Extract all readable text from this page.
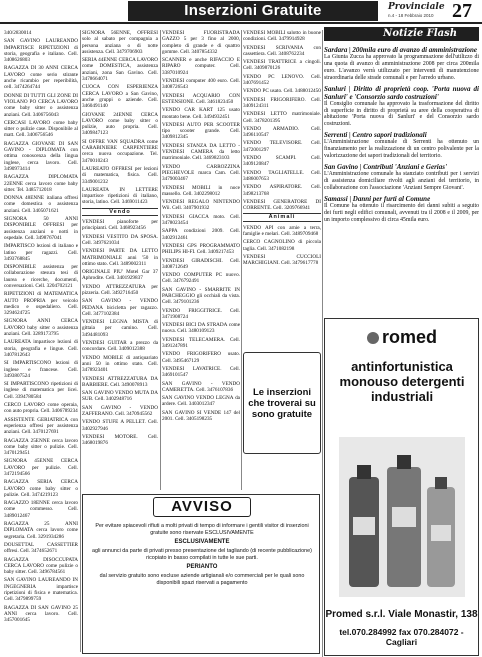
Inserzioni Gratuite	Provinciale
n.4 - 18 Febbraio 2010 27
340/2830014
SAN GAVINO LAUREANDO IMPARTISCE RIPETIZIONI di storia, geografia e italiano. Cell. 3408626803
RAGAZZA DI 30 ANNI CERCA LAVORO come serio stirante anche ricambio per reperibilità, cell. 3474264744
DONNE DI TUTTI GLI ZONE DI VIOLANO PO CERCA LAVORO come baby sitter o assistenza anziani. Cell. 3406756043
CERCASI LAVORO come baby sitter o pulizie case. Disponibile al matt. Cell. 3406756546
RAGAZZA GIOVANE DI SAN GAVINO - DIPLOMATA con ottima conoscenza della lingua inglese, cerca lavoro. Cell. 3490973414
RAGAZZA DIPLOMATA 22ENNE cerca lavoro come baby sitter. Tel. 3485712018
DONNA 48ENNE italiana offresi come domestica o assistenza anziani. Cell. 3405071621
SIGNORA 50 ANNI DISPONIBILE OFFRESI per assistenza anziani o notti in ospedale. Cell. 3498767041
IMPARTISCO lezioni di italiano e latino per ragazzi. Cell. 3493768845
DISPONIBILE assistenza per collaborazione stesura tesi di laurea e ricerche, documenti, conversazioni. Cell. 3204702121
RIPETIZIONI di MATEMATICA AUTO PROPRIA per veicolo medico e ospedaliero. Cell. 3294624725
SIGNORA ANNI CERCA LAVORO baby sitter o assistenza anziani. Cell. 3289173795
LAUREATA impartisce lezioni di storia, geografia e lingue. Cell. 3407812643
SI IMPARTISCONO lezioni di inglese e francese. Cell. 3493807524
SI IMPARTISCONO ripetizioni di inglese di matematica per licei. Cell. 3394780584
CERCO LAVORO come operaia, con auto propria. Cell. 3406789234
ASSISTENTE GERIATRICA con esperienza offresi per assistenza anziani. Cell. 3470127691
RAGAZZA 25ENNE cerca lavoro come baby sitter o pulizie. Cell. 3470129451
SIGNORA 45ENNE CERCA LAVORO per pulizie. Cell. 3472194566
RAGAZZA SERIA CERCA LAVORO come baby sitter o pulizie. Cell. 3474219123
RAGAZZO 18ENNE cerca lavoro come commesso. Cell. 3489012467
RAGAZZA 25 ANNI DIPLOMATA cerca lavoro come segretaria. Cell. 3291934286
DOUSETTAL CASSETTIER offresi. Cell. 3474652671
RAGAZZA DISOCCUPATA CERCA LAVORO come pulizie o baby sitter. Cell. 3496784561
SAN GAVINO LAUREANDO IN INGEGNERIA impartisce ripetizioni di fisica e matematica. Cell. 3479899759
RAGAZZA DI SAN GAVINO 25 ANNI cerca lavoro. Cell. 3457001645
SIGNORA 56ENNE, OFFRESI solo al sabato per compagnia a persona anziana o di notte assistenza. Cell. 3479706903
SERIA 44ENNE CERCA LAVORO come DOMESTICA, assistenza anziani, zona San Gavino. Cell. 3478664071
CUOCA CON ESPERIENZA CERCA LAVORO a San Gavino, anche gruppi o aziende. Cell. 3460491140
GIOVANE 24ENNE CERCA LAVORO come baby sitter o pulizie, auto propria. Cell. 3409847123
SI OFFRE VAN SQUADRA come CARABINIERE CARPENTIERE cerca nuova occupazione. Tel. 3470010243
LAUREATO OFFRESI per lezioni di matematica, fisica. Cell. 3349001232
LAUREATA IN LETTERE impartisce ripetizioni di italiano, storia, latino. Cell. 3469011423
Vendo
VENDESI pianoforte per principianti. Cell. 3468923456
VENDESI VESTITO DA SPOSA. Cell. 3497621034
VENDESI PARTE DA LETTO MATRIMONIALE anni '50 in ottimo stato. Cell. 3489002311
ORIGINALE PIU' Motel Gar 37 Aphrodite. Cell. 3401929837
VENDO ATTREZZATURA per pizzeria. Cell. 3492716450
SAN GAVINO - VENDO PEDANA bicicletta per ragazzo. Cell. 3477102384
VENDESI LEGNA MISTA di gittaia per camino. Cell. 3494481093
VENDESI GUITAR a prezzo da concordare. Cell. 3409012388
VENDO MOBILE di antiquariato anni 50 in ottimo stato. Cell. 3478923401
VENDESI ATTREZZATURA DA BARBIERE. Cell. 3490078913
SAN GAVINO VENDO MUTA DA SUB. Cell. 3402948716
SAN GAVINO - VENDO ZAFFERANO. Cell. 3470945562
VENDO STUFE A PELLET. Cell. 3402927946
VENDESI MOTORE. Cell. 3468019876
VENDESI FUORISTRADA GAZZO 5 per 3 fino al 2000, completo di grande e di quattro gomme. Cell. 3407854332
SCANNER e anche RIFACCIO E RIPARO computer. Cell. 3387010924
VENDESI computer 400 euro. Cell. 3408726543
VENDESI ACQUARIO CON ESTENSIONE. Cell. 3461823450
VENDO CAR KART 125 usato montato bene. Cell. 3494932451
VENDESI AUTO PER SCOOTER tipo scooter grande. Cell. 3409812345
VENDESI STANZA DA LETTO - VENDESI CAMERA da letto matrimoniale. Cell. 3469823103
VENDO CARROZZINA PIEGHEVOLE marca Cam. Cell. 3479003467
VENDESI MOBILI in noce massello. Cell. 3402298012
VENDESI REGALO NINTENDO Wii. Cell. 3407901932
VENDESI GIACCA moto. Cell. 3478023454
SAPPA condizioni 2009. Cell. 3402912461
VENDESI GPS PROGRAMMATO PHILIPS HI-FI. Cell. 3409217453
VENDESI GIRADISCHI. Cell. 3408712649
VENDO COMPUTER PC nuovo. Cell. 3476792491
SAN GAVINO - SMARRITE IN PARCHEGGIO gli occhiali da vista. Cell. 3479101236
VENDO FRIGGITRICE. Cell. 3471908724
VENDESI BICI DA STRADA come nuova. Cell. 3480109123
VENDESI TELECAMERA. Cell. 3491247891
VENDO FRIGORIFERO usato. Cell. 3495467129
VENDESI LAVATRICE. Cell. 3469101547
SAN GAVINO - VENDO CAMERETTA. Cell. 3476107836
SAN GAVINO VENDO LEGNA da ardere. Cell. 3403012347
SAN GAVINO SI VENDE 147 del 2001. Cell. 3405198235
VENDESI MOBILI salotto in buone condizioni. Cell. 3479914928
VENDESI SCRIVANIA con cassettiera. Cell. 3408762234
VENDESI TRATTRICE a cingoli. Cell. 3409870126
VENDO PC LENOVO. Cell. 3407691452
VENDO PC usato. Cell. 3488012450
VENDESI FRIGORIFERO. Cell. 3409124311
VENDESI LETTO matrimoniale. Cell. 3478201395
VENDO ARMADIO. Cell. 3496110547
VENDO TELEVISORE. Cell. 3472001297
VENDO SCAMPI. Cell. 3409120847
VENDO TAGLIATELLE. Cell. 3486007653
VENDO ASPIRATORE. Cell. 3498213768
VENDESI GENERATORE DI CORRENTE. Cell. 3209766941
Animali
VENDO API con arnie a terra, famiglie e melari. Cell. 3489709468
CERCO CAGNOLINO di piccola taglia. Cell. 3471082198
VENDESI CUCCIOLI MARCHIGIANI. Cell. 3479617778
Le inserzioni che troverai su sono gratuite
Notizie Flash
Sardara | 200mila euro di avanzo di amministrazione
La Giunta Zucca ha approvato la programmazione dell'utilizzo di una quota di avanzo di amministrazione 2008 per circa 200mila euro. L'avanzo verrà utilizzato per interventi di manutenzione straordinaria delle strade comunali e per l'arredo urbano.
Sanluri | Diritto di proprietà coop. 'Porta nuova di Sanluri' e 'Consorzio sardo costruzioni'
Il Consiglio comunale ha approvato la trasformazione del diritto di superficie in diritto di proprietà su aree della cooperativa di abitazione 'Porta nuova di Sanluri' e del Consorzio sardo costruzioni.
Serrenti | Centro sapori tradizionali
L'Amministrazione comunale di Serrenti ha ottenuto un finanziamento per la realizzazione di un centro polivalente per la valorizzazione dei sapori tradizionali del territorio.
San Gavino | Contributi 'Anziani e Gerias'
L'Amministrazione comunale ha stanziato contributi per i servizi di assistenza domiciliare rivolti agli anziani del territorio, in collaborazione con l'associazione 'Anziani Sempre Giovani'.
Samassi | Danni per furti al Comune
Il Comune ha ottenuto il risarcimento dei danni subiti a seguito dei furti negli edifici comunali, avvenuti tra il 2008 e il 2009, per un importo complessivo di circa 45mila euro.
romed
antinfortunistica monouso detergenti industriali
Promed s.r.l. Viale Monastir, 138
tel.070.284992 fax 070.284072 - Cagliari
AVVISO

Per evitare spiacevoli rifiuti a molti privati di tempo di informare i gentili visitor di inserzioni gratuite sono riservate ESCLUSIVAMENTE

ESCLUSIVAMENTE

agli annunci da parte di privati presso presentazione del tagliando (di recente pubblicazione) ricopiato in basso compilati in tutte le sue parti.

PERIANTO

dal servizio gratuito sono escluse aziende artigianali e/o commerciali per le quali sono disponibili spazi riservati a pagamento
